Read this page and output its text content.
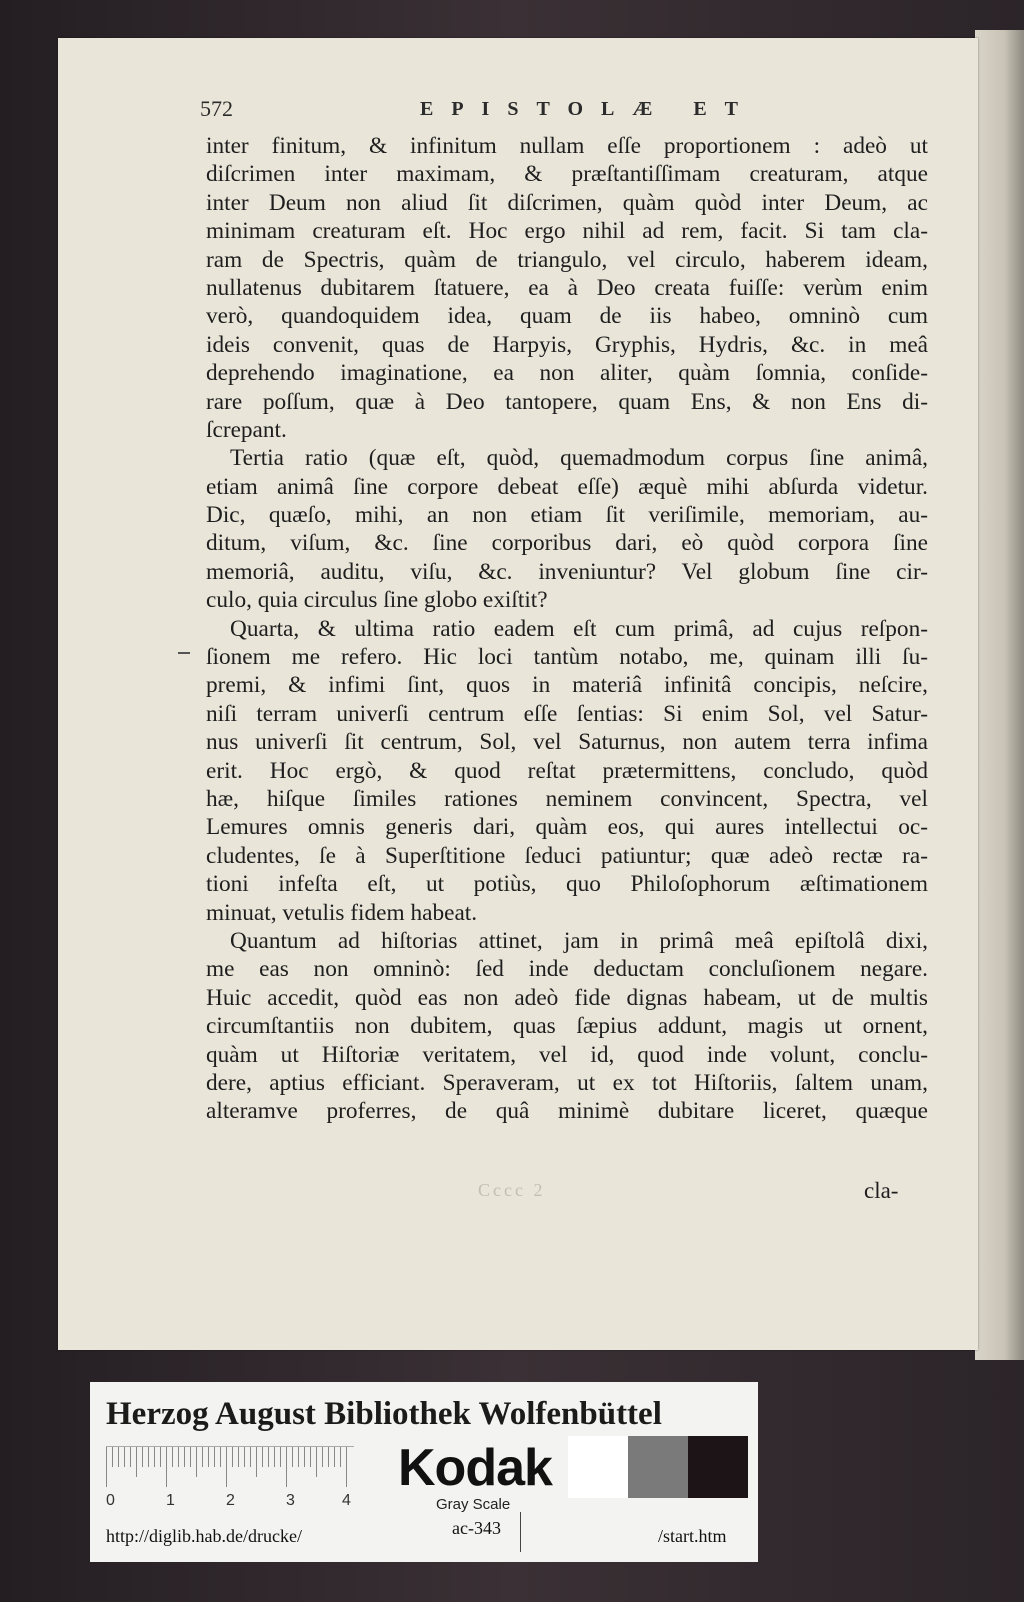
572	EPISTOLÆ ET
inter finitum, & infinitum nullam eſſe proportionem : adeò ut
diſcrimen inter maximam, & præſtantiſſimam creaturam, atque
inter Deum non aliud ſit diſcrimen, quàm quòd inter Deum, ac
minimam creaturam eſt. Hoc ergo nihil ad rem, facit. Si tam cla-
ram de Spectris, quàm de triangulo, vel circulo, haberem ideam,
nullatenus dubitarem ſtatuere, ea à Deo creata fuiſſe: verùm enim
verò, quandoquidem idea, quam de iis habeo, omninò cum
ideis convenit, quas de Harpyis, Gryphis, Hydris, &c. in meâ
deprehendo imaginatione, ea non aliter, quàm ſomnia, conſide-
rare poſſum, quæ à Deo tantopere, quam Ens, & non Ens di-
ſcrepant.
Tertia ratio (quæ eſt, quòd, quemadmodum corpus ſine animâ,
etiam animâ ſine corpore debeat eſſe) æquè mihi abſurda videtur.
Dic, quæſo, mihi, an non etiam ſit veriſimile, memoriam, au-
ditum, viſum, &c. ſine corporibus dari, eò quòd corpora ſine
memoriâ, auditu, viſu, &c. inveniuntur? Vel globum ſine cir-
culo, quia circulus ſine globo exiſtit?
Quarta, & ultima ratio eadem eſt cum primâ, ad cujus reſpon-
ſionem me refero. Hic loci tantùm notabo, me, quinam illi ſu-
premi, & infimi ſint, quos in materiâ infinitâ concipis, neſcire,
niſi terram univerſi centrum eſſe ſentias: Si enim Sol, vel Satur-
nus univerſi ſit centrum, Sol, vel Saturnus, non autem terra infima
erit. Hoc ergò, & quod reſtat prætermittens, concludo, quòd
hæ, hiſque ſimiles rationes neminem convincent, Spectra, vel
Lemures omnis generis dari, quàm eos, qui aures intellectui oc-
cludentes, ſe à Superſtitione ſeduci patiuntur; quæ adeò rectæ ra-
tioni infeſta eſt, ut potiùs, quo Philoſophorum æſtimationem
minuat, vetulis fidem habeat.
Quantum ad hiſtorias attinet, jam in primâ meâ epiſtolâ dixi,
me eas non omninò: ſed inde deductam concluſionem negare.
Huic accedit, quòd eas non adeò fide dignas habeam, ut de multis
circumſtantiis non dubitem, quas ſæpius addunt, magis ut ornent,
quàm ut Hiſtoriæ veritatem, vel id, quod inde volunt, conclu-
dere, aptius efficiant. Speraveram, ut ex tot Hiſtoriis, ſaltem unam,
alteramve proferres, de quâ minimè dubitare liceret, quæque
Cccc 2	cla-
Herzog August Bibliothek Wolfenbüttel
0	1	2	3	4
Kodak
Gray Scale
http://diglib.hab.de/drucke/	ac-343	/start.htm
